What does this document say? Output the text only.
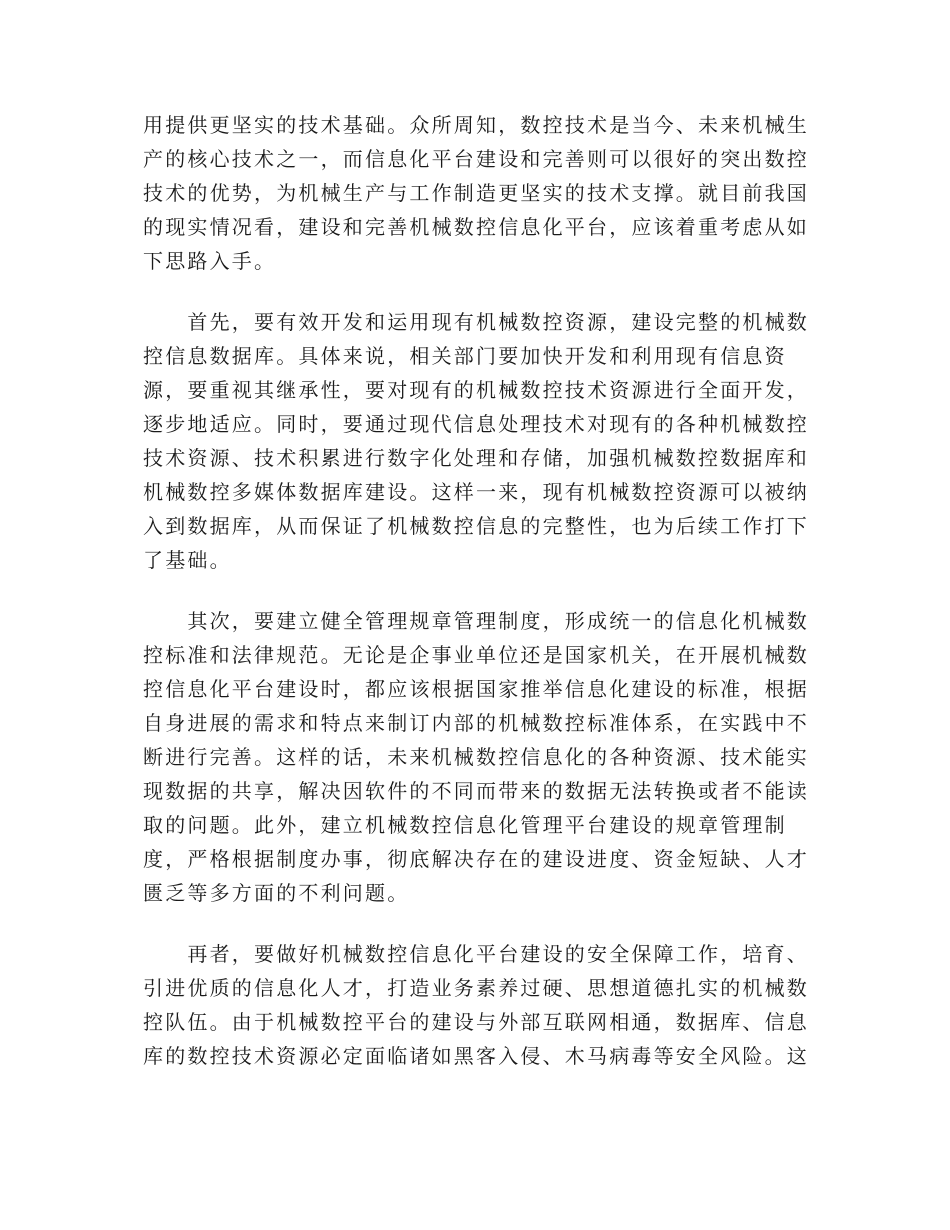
用提供更坚实的技术基础。众所周知，数控技术是当今、未来机械生

产的核心技术之一，而信息化平台建设和完善则可以很好的突出数控

技术的优势，为机械生产与工作制造更坚实的技术支撑。就目前我国

的现实情况看，建设和完善机械数控信息化平台，应该着重考虑从如

下思路入手。

　　首先，要有效开发和运用现有机械数控资源，建设完整的机械数

控信息数据库。具体来说，相关部门要加快开发和利用现有信息资

源，要重视其继承性，要对现有的机械数控技术资源进行全面开发，

逐步地适应。同时，要通过现代信息处理技术对现有的各种机械数控

技术资源、技术积累进行数字化处理和存储，加强机械数控数据库和

机械数控多媒体数据库建设。这样一来，现有机械数控资源可以被纳

入到数据库，从而保证了机械数控信息的完整性，也为后续工作打下

了基础。

　　其次，要建立健全管理规章管理制度，形成统一的信息化机械数

控标准和法律规范。无论是企事业单位还是国家机关，在开展机械数

控信息化平台建设时，都应该根据国家推举信息化建设的标准，根据

自身进展的需求和特点来制订内部的机械数控标准体系，在实践中不

断进行完善。这样的话，未来机械数控信息化的各种资源、技术能实

现数据的共享，解决因软件的不同而带来的数据无法转换或者不能读

取的问题。此外，建立机械数控信息化管理平台建设的规章管理制

度，严格根据制度办事，彻底解决存在的建设进度、资金短缺、人才

匮乏等多方面的不利问题。

　　再者，要做好机械数控信息化平台建设的安全保障工作，培育、

引进优质的信息化人才，打造业务素养过硬、思想道德扎实的机械数

控队伍。由于机械数控平台的建设与外部互联网相通，数据库、信息

库的数控技术资源必定面临诸如黑客入侵、木马病毒等安全风险。这
